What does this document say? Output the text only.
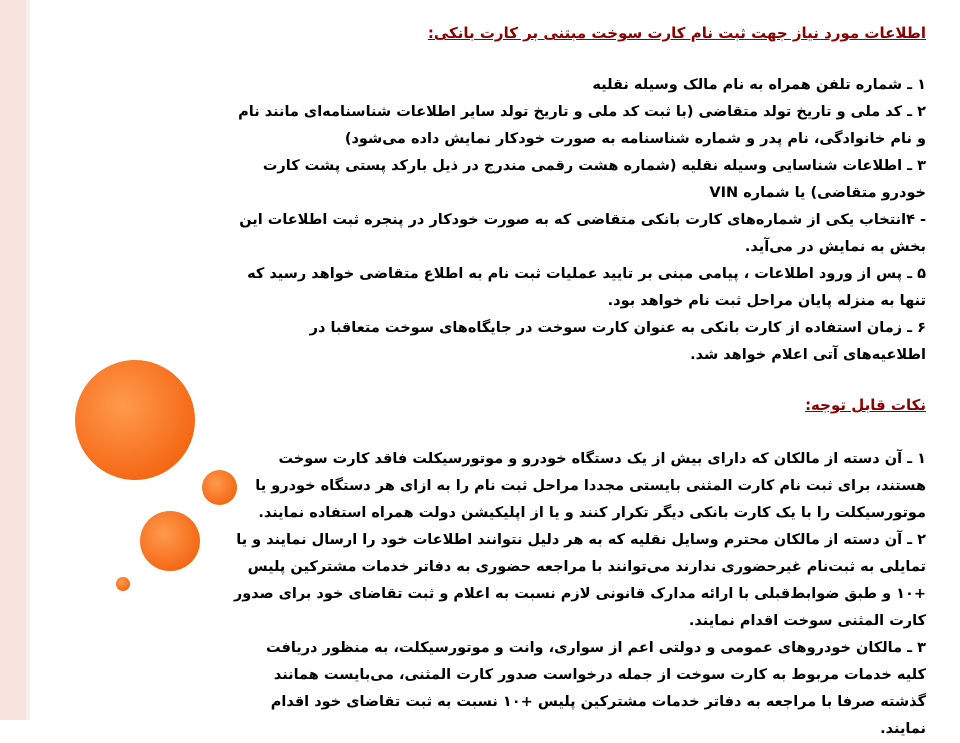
اطلاعات مورد نیاز جهت ثبت نام کارت سوخت مبتنی بر کارت بانکی:

۱ ـ شماره تلفن همراه به نام مالک وسیله نقلیه

۲ ـ کد ملی و تاریخ تولد متقاضی (با ثبت کد ملی و تاریخ تولد سایر اطلاعات شناسنامه‌ای مانند نام و نام خانوادگی، نام پدر و شماره شناسنامه به صورت خودکار نمایش داده می‌شود)

۳ ـ اطلاعات شناسایی وسیله نقلیه (شماره هشت رقمی مندرج در ذیل بارکد پستی پشت کارت خودرو متقاضی) یا شماره VIN

- ۴انتخاب یکی از شماره‌های کارت بانکی متقاضی که به صورت خودکار در پنجره ثبت اطلاعات این بخش به نمایش در می‌آید.

۵ ـ پس از ورود اطلاعات ، پیامی مبنی بر تایید عملیات ثبت نام به اطلاع متقاضی خواهد رسید که تنها به منزله پایان مراحل ثبت نام خواهد بود.

۶ ـ زمان استفاده از کارت بانکی به عنوان کارت سوخت در جایگاه‌های سوخت متعاقبا در اطلاعیه‌های آتی اعلام خواهد شد.

نکات قابل توجه:

۱ ـ آن دسته از مالکان که دارای بیش از یک دستگاه خودرو و موتورسیکلت فاقد کارت سوخت هستند، برای ثبت نام کارت المثنی بایستی مجددا مراحل ثبت نام را به ازای هر دستگاه خودرو یا موتورسیکلت را با یک کارت بانکی دیگر تکرار کنند و یا از اپلیکیشن دولت همراه استفاده نمایند.

۲ ـ آن دسته از مالکان محترم وسایل نقلیه که به هر دلیل نتوانند اطلاعات خود را ارسال نمایند و یا تمایلی به ثبت‌نام غیرحضوری ندارند می‌توانند با مراجعه حضوری به دفاتر خدمات مشترکین پلیس +۱۰ و طبق ضوابط‌قبلی با ارائه مدارک قانونی لازم نسبت به اعلام و ثبت تقاضای خود برای صدور کارت المثنی سوخت اقدام نمایند.

۳ ـ مالکان خودروهای عمومی و دولتی اعم از سواری، وانت و موتورسیکلت، به منظور دریافت کلیه خدمات مربوط به کارت سوخت از جمله درخواست صدور کارت المثنی، می‌بایست همانند گذشته صرفا با مراجعه به دفاتر خدمات مشترکین پلیس +۱۰ نسبت به ثبت تقاضای خود اقدام نمایند.
